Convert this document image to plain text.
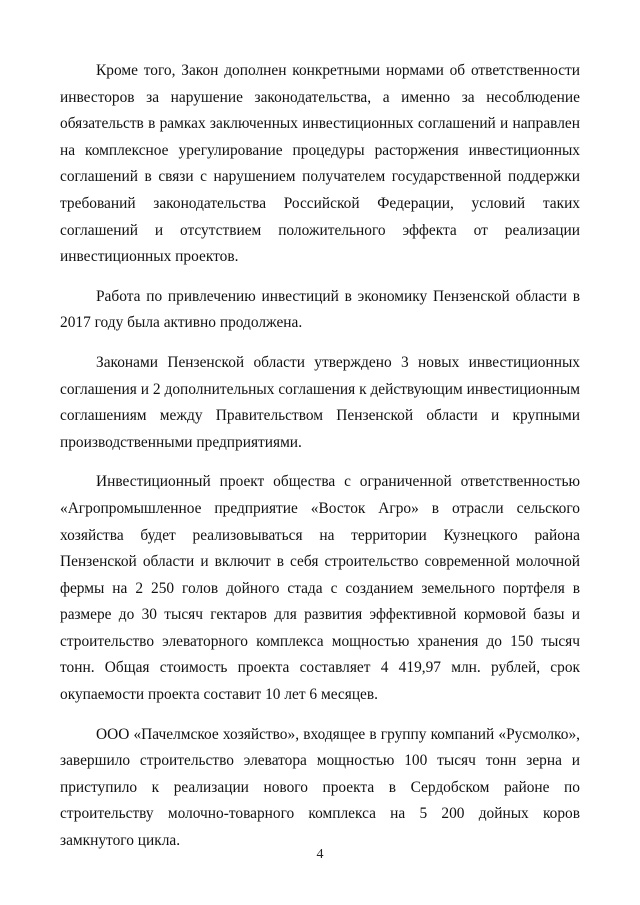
Кроме того, Закон дополнен конкретными нормами об ответственности инвесторов за нарушение законодательства, а именно за несоблюдение обязательств в рамках заключенных инвестиционных соглашений и направлен на комплексное урегулирование процедуры расторжения инвестиционных соглашений в связи с нарушением получателем государственной поддержки требований законодательства Российской Федерации, условий таких соглашений и отсутствием положительного эффекта от реализации инвестиционных проектов.

Работа по привлечению инвестиций в экономику Пензенской области в 2017 году была активно продолжена.

Законами Пензенской области утверждено 3 новых инвестиционных соглашения и 2 дополнительных соглашения к действующим инвестиционным соглашениям между Правительством Пензенской области и крупными производственными предприятиями.

Инвестиционный проект общества с ограниченной ответственностью «Агропромышленное предприятие «Восток Агро» в отрасли сельского хозяйства будет реализовываться на территории Кузнецкого района Пензенской области и включит в себя строительство современной молочной фермы на 2 250 голов дойного стада с созданием земельного портфеля в размере до 30 тысяч гектаров для развития эффективной кормовой базы и строительство элеваторного комплекса мощностью хранения до 150 тысяч тонн. Общая стоимость проекта составляет 4 419,97 млн. рублей, срок окупаемости проекта составит 10 лет 6 месяцев.

ООО «Пачелмское хозяйство», входящее в группу компаний «Русмолко», завершило строительство элеватора мощностью 100 тысяч тонн зерна и приступило к реализации нового проекта в Сердобском районе по строительству молочно-товарного комплекса на 5 200 дойных коров замкнутого цикла.

4
